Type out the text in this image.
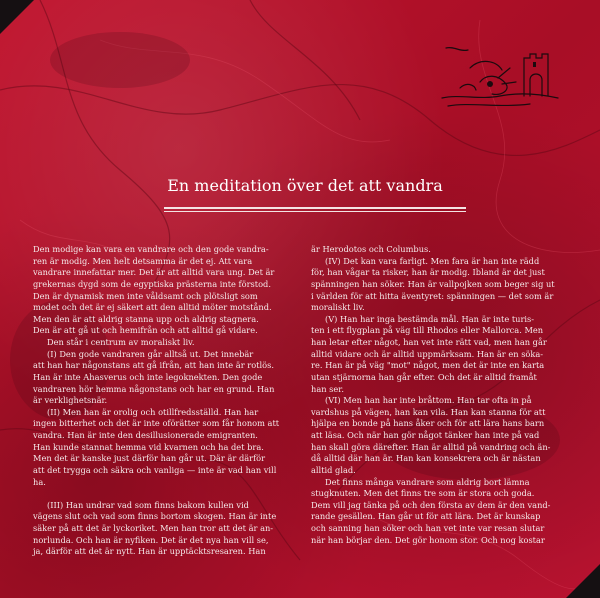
En meditation över det att vandra
Den modige kan vara en vandrare och den gode vandra-
ren är modig. Men helt detsamma är det ej. Att vara
vandrare innefattar mer. Det är att alltid vara ung. Det är
grekernas dygd som de egyptiska prästerna inte förstod.
Den är dynamisk men inte våldsamt och plötsligt som
modet och det är ej säkert att den alltid möter motstånd.
Men den är att aldrig stanna upp och aldrig stagnera.
Den är att gå ut och hemifrån och att alltid gå vidare.
Den står i centrum av moraliskt liv.
(I) Den gode vandraren går alltså ut. Det innebär
att han har någonstans att gå ifrån, att han inte är rotlös.
Han är inte Ahasverus och inte legoknekten. Den gode
vandraren hör hemma någonstans och har en grund. Han
är verklighetsnär.
(II) Men han är orolig och otillfredsställd. Han har
ingen bitterhet och det är inte oförätter som får honom att
vandra. Han är inte den desillusionerade emigranten.
Han kunde stannat hemma vid kvarnen och ha det bra.
Men det är kanske just därför han går ut. Där är därför
att det trygga och säkra och vanliga — inte är vad han vill
ha.
(III) Han undrar vad som finns bakom kullen vid
vägens slut och vad som finns bortom skogen. Han är inte
säker på att det är lyckoriket. Men han tror att det är an-
norlunda. Och han är nyfiken. Det är det nya han vill se,
ja, därför att det är nytt. Han är upptäcktsresaren. Han
är Herodotos och Columbus.
(IV) Det kan vara farligt. Men fara är han inte rädd
för, han vågar ta risker, han är modig. Ibland är det just
spänningen han söker. Han är vallpojken som beger sig ut
i världen för att hitta äventyret: spänningen — det som är
moraliskt liv.
(V) Han har inga bestämda mål. Han är inte turis-
ten i ett flygplan på väg till Rhodos eller Mallorca. Men
han letar efter något, han vet inte rätt vad, men han går
alltid vidare och är alltid uppmärksam. Han är en söka-
re. Han är på väg "mot" något, men det är inte en karta
utan stjärnorna han går efter. Och det är alltid framåt
han ser.
(VI) Men han har inte bråttom. Han tar ofta in på
vardshus på vägen, han kan vila. Han kan stanna för att
hjälpa en bonde på hans åker och för att lära hans barn
att läsa. Och när han gör något tänker han inte på vad
han skall göra därefter. Han är alltid på vandring och än-
då alltid där han är. Han kan konsekrera och är nästan
alltid glad.
Det finns många vandrare som aldrig bort lämna
stugknuten. Men det finns tre som är stora och goda.
Dem vill jag tänka på och den första av dem är den vand-
rande gesällen. Han går ut för att lära. Det är kunskap
och sanning han söker och han vet inte var resan slutar
när han börjar den. Det gör honom stor. Och nog kostar
